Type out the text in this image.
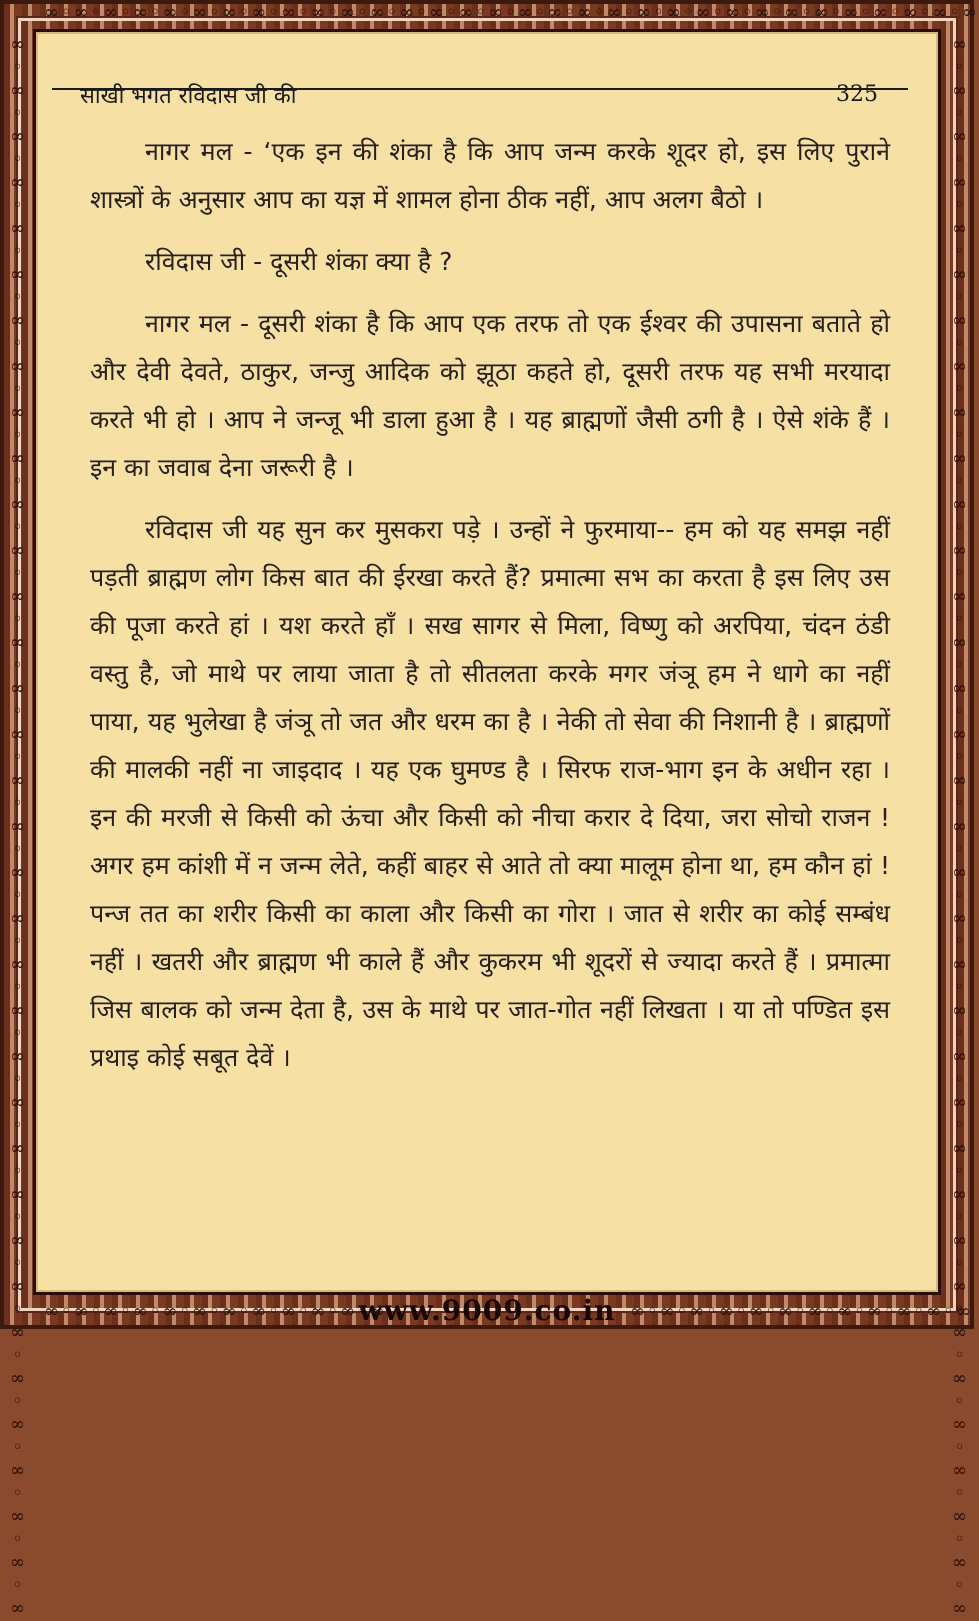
∞◦∞◦∞◦∞◦∞◦∞◦∞◦∞◦∞◦∞◦∞◦∞◦∞◦∞◦∞◦∞◦∞◦∞◦∞◦∞◦∞◦∞◦∞◦∞◦∞◦∞◦∞◦∞◦∞◦∞◦∞◦∞
∞◦∞◦∞◦∞◦∞◦∞◦∞◦∞◦∞◦∞◦∞◦∞	∞◦∞◦∞◦∞◦∞◦∞◦∞◦∞◦∞◦∞◦∞◦∞
∞◦∞◦∞◦∞◦∞◦∞◦∞◦∞◦∞◦∞◦∞◦∞◦∞◦∞◦∞◦∞◦∞◦∞◦∞◦∞◦∞◦∞◦∞◦∞◦∞◦∞◦∞◦∞◦∞◦∞◦∞◦∞◦∞◦∞◦∞	∞◦∞◦∞◦∞◦∞◦∞◦∞◦∞◦∞◦∞◦∞◦∞◦∞◦∞◦∞◦∞◦∞◦∞◦∞◦∞◦∞◦∞◦∞◦∞◦∞◦∞◦∞◦∞◦∞◦∞◦∞◦∞◦∞◦∞◦∞
साखी भगत रविदास जी की	325

नागर मल - ‘एक इन की शंका है कि आप जन्म करके शूदर हो, इस लिए पुराने शास्त्रों के अनुसार आप का यज्ञ में शामल होना ठीक नहीं, आप अलग बैठो ।

रविदास जी - दूसरी शंका क्या है ?

नागर मल - दूसरी शंका है कि आप एक तरफ तो एक ईश्वर की उपासना बताते हो और देवी देवते, ठाकुर, जन्जु आदिक को झूठा कहते हो, दूसरी तरफ यह सभी मरयादा करते भी हो । आप ने जन्जू भी डाला हुआ है । यह ब्राह्मणों जैसी ठगी है । ऐसे शंके हैं । इन का जवाब देना जरूरी है ।

रविदास जी यह सुन कर मुसकरा पड़े । उन्हों ने फुरमाया-- हम को यह समझ नहीं पड़ती ब्राह्मण लोग किस बात की ईरखा करते हैं? प्रमात्मा सभ का करता है इस लिए उस की पूजा करते हां । यश करते हाँ । सख सागर से मिला, विष्णु को अरपिया, चंदन ठंडी वस्तु है, जो माथे पर लाया जाता है तो सीतलता करके मगर जंञू हम ने धागे का नहीं पाया, यह भुलेखा है जंञू तो जत और धरम का है । नेकी तो सेवा की निशानी है । ब्राह्मणों की मालकी नहीं ना जाइदाद । यह एक घुमण्ड है । सिरफ राज-भाग इन के अधीन रहा । इन की मरजी से किसी को ऊंचा और किसी को नीचा करार दे दिया, जरा सोचो राजन ! अगर हम कांशी में न जन्म लेते, कहीं बाहर से आते तो क्या मालूम होना था, हम कौन हां ! पन्ज तत का शरीर किसी का काला और किसी का गोरा । जात से शरीर का कोई सम्बंध नहीं । खतरी और ब्राह्मण भी काले हैं और कुकरम भी शूदरों से ज्यादा करते हैं । प्रमात्मा जिस बालक को जन्म देता है, उस के माथे पर जात-गोत नहीं लिखता । या तो पण्डित इस प्रथाइ कोई सबूत देवें ।

www.9009.co.in
